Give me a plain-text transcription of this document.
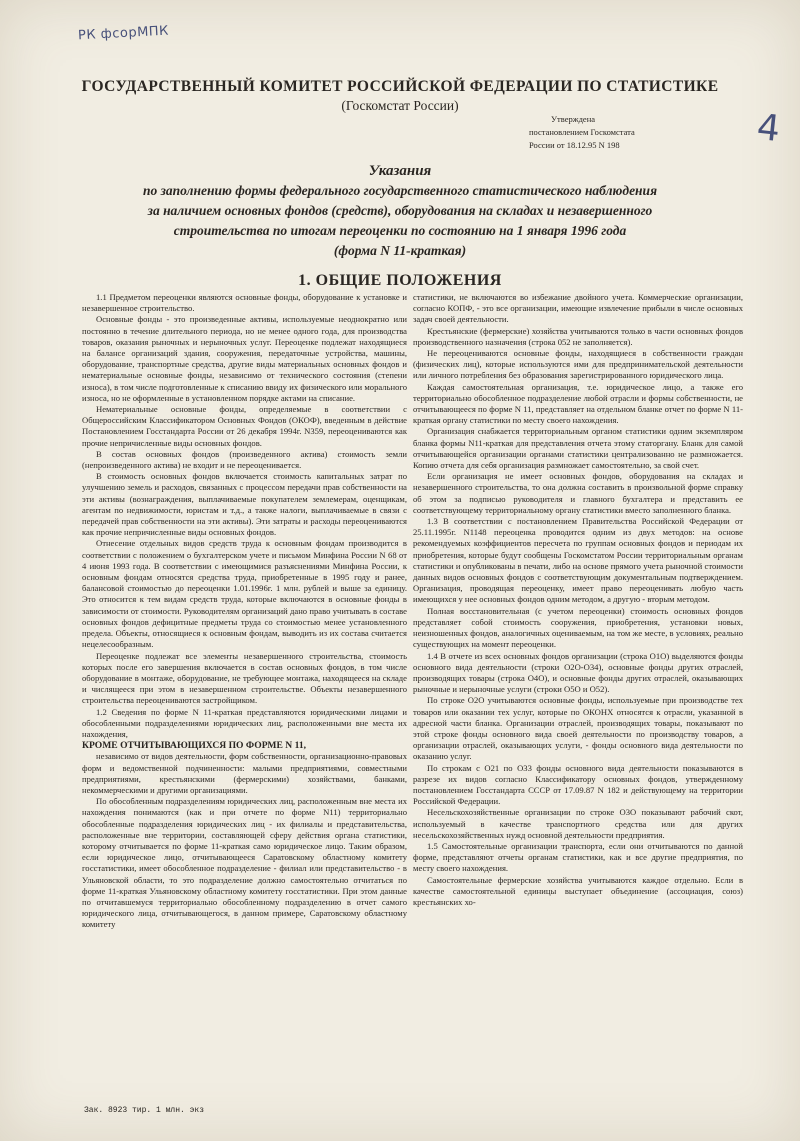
РК фсорМПК
4
ГОСУДАРСТВЕННЫЙ КОМИТЕТ РОССИЙСКОЙ ФЕДЕРАЦИИ ПО СТАТИСТИКЕ
(Госкомстат России)
Утверждена
постановлением Госкомстата
России от 18.12.95 N 198
Указания
по заполнению формы федерального государственного статистического наблюдения
за наличием основных фондов (средств), оборудования на складах и незавершенного
строительства по итогам переоценки по состоянию на 1 января 1996 года
(форма N 11-краткая)
1. ОБЩИЕ ПОЛОЖЕНИЯ

1.1 Предметом переоценки являются основные фонды, оборудование к установке и незавершенное строительство.

Основные фонды - это произведенные активы, используемые неоднократно или постоянно в течение длительного периода, но не менее одного года, для производства товаров, оказания рыночных и нерыночных услуг. Переоценке подлежат находящиеся на балансе организаций здания, сооружения, передаточные устройства, машины, оборудование, транспортные средства, другие виды материальных основных фондов и нематериальные основные фонды, независимо от технического состояния (степени износа), в том числе подготовленные к списанию ввиду их физического или морального износа, но не оформленные в установленном порядке актами на списание.

Нематериальные основные фонды, определяемые в соответствии с Общероссийским Классификатором Основных Фондов (ОКОФ), введенным в действие Постановлением Госстандарта России от 26 декабря 1994г. N359, переоцениваются как прочие непричисленные виды основных фондов.

В состав основных фондов (произведенного актива) стоимость земли (непроизведенного актива) не входит и не переоценивается.

В стоимость основных фондов включается стоимость капитальных затрат по улучшению земель и расходов, связанных с процессом передачи прав собственности на эти активы (вознаграждения, выплачиваемые покупателем землемерам, оценщикам, агентам по недвижимости, юристам и т.д., а также налоги, выплачиваемые в связи с передачей прав собственности на эти активы). Эти затраты и расходы переоцениваются как прочие непричисленные виды основных фондов.

Отнесение отдельных видов средств труда к основным фондам производится в соответствии с положением о бухгалтерском учете и письмом Минфина России N 68 от 4 июня 1993 года. В соответствии с имеющимися разъяснениями Минфина России, к основным фондам относятся средства труда, приобретенные в 1995 году и ранее, балансовой стоимостью до переоценки 1.01.1996г. 1 млн. рублей и выше за единицу. Это относится к тем видам средств труда, которые включаются в основные фонды в зависимости от стоимости. Руководителям организаций дано право учитывать в составе основных фондов дефицитные предметы труда со стоимостью менее установленного предела. Объекты, относящиеся к основным фондам, выводить из их состава считается нецелесообразным.

Переоценке подлежат все элементы незавершенного строительства, стоимость которых после его завершения включается в состав основных фондов, в том числе оборудование в монтаже, оборудование, не требующее монтажа, находящееся на складе и числящееся при этом в незавершенном строительстве. Объекты незавершенного строительства переоцениваются застройщиком.

1.2 Сведения по форме N 11-краткая представляются юридическими лицами и обособленными подразделениями юридических лиц, расположенными вне места их нахождения,

КРОМЕ ОТЧИТЫВАЮЩИХСЯ ПО ФОРМЕ N 11,

независимо от видов деятельности, форм собственности, организационно-правовых форм и ведомственной подчиненности: малыми предприятиями, совместными предприятиями, крестьянскими (фермерскими) хозяйствами, банками, некоммерческими и другими организациями.

По обособленным подразделениям юридических лиц, расположенным вне места их нахождения понимаются (как и при отчете по форме N11) территориально обособленные подразделения юридических лиц - их филиалы и представительства, расположенные вне территории, составляющей сферу действия органа статистики, которому отчитывается по форме 11-краткая само юридическое лицо. Таким образом, если юридическое лицо, отчитывающееся Саратовскому областному комитету госстатистики, имеет обособленное подразделение - филиал или представительство - в Ульяновской области, то это подразделение должно самостоятельно отчитаться по форме 11-краткая Ульяновскому областному комитету госстатистики. При этом данные по отчитавшемуся территориально обособленному подразделению в отчет самого юридического лица, отчитывающегося, в данном примере, Саратовскому областному комитету

статистики, не включаются во избежание двойного учета. Коммерческие организации, согласно КОПФ, - это все организации, имеющие извлечение прибыли в числе основных задач своей деятельности.

Крестьянские (фермерские) хозяйства учитываются только в части основных фондов производственного назначения (строка 052 не заполняется).

Не переоцениваются основные фонды, находящиеся в собственности граждан (физических лиц), которые используются ими для предпринимательской деятельности или личного потребления без образования зарегистрированного юридического лица.

Каждая самостоятельная организация, т.е. юридическое лицо, а также его территориально обособленное подразделение любой отрасли и формы собственности, не отчитывающееся по форме N 11, представляет на отдельном бланке отчет по форме N 11-краткая органу статистики по месту своего нахождения.

Организация снабжается территориальным органом статистики одним экземпляром бланка формы N11-краткая для представления отчета этому статоргану. Бланк для самой отчитывающейся организации органами статистики централизованно не размножается. Копию отчета для себя организация размножает самостоятельно, за свой счет.

Если организация не имеет основных фондов, оборудования на складах и незавершенного строительства, то она должна составить в произвольной форме справку об этом за подписью руководителя и главного бухгалтера и представить ее соответствующему территориальному органу статистики вместо заполненного бланка.

1.3 В соответствии с постановлением Правительства Российской Федерации от 25.11.1995г. N1148 переоценка проводится одним из двух методов: на основе рекомендуемых коэффициентов пересчета по группам основных фондов и периодам их приобретения, которые будут сообщены Госкомстатом России территориальным органам статистики и опубликованы в печати, либо на основе прямого учета рыночной стоимости данных видов основных фондов с соответствующим документальным подтверждением. Организация, проводящая переоценку, имеет право переоценивать любую часть имеющихся у нее основных фондов одним методом, а другую - вторым методом.

Полная восстановительная (с учетом переоценки) стоимость основных фондов представляет собой стоимость сооружения, приобретения, установки новых, неизношенных фондов, аналогичных оцениваемым, на том же месте, в условиях, реально существующих на момент переоценки.

1.4 В отчете из всех основных фондов организации (строка О1О) выделяются фонды основного вида деятельности (строки О2О-О34), основные фонды других отраслей, производящих товары (строка О4О), и основные фонды других отраслей, оказывающих рыночные и нерыночные услуги (строки О5О и О52).

По строке О2О учитываются основные фонды, используемые при производстве тех товаров или оказании тех услуг, которые по ОКОНХ относятся к отрасли, указанной в адресной части бланка. Организации отраслей, производящих товары, показывают по этой строке фонды основного вида своей деятельности по производству товаров, а организации отраслей, оказывающих услуги, - фонды основного вида деятельности по оказанию услуг.

По строкам с О21 по О33 фонды основного вида деятельности показываются в разрезе их видов согласно Классификатору основных фондов, утвержденному постановлением Госстандарта СССР от 17.09.87 N 182 и действующему на территории Российской Федерации.

Несельскохозяйственные организации по строке О3О показывают рабочий скот, используемый в качестве транспортного средства или для других несельскохозяйственных нужд основной деятельности предприятия.

1.5 Самостоятельные организации транспорта, если они отчитываются по данной форме, представляют отчеты органам статистики, как и все другие предприятия, по месту своего нахождения.

Самостоятельные фермерские хозяйства учитываются каждое отдельно. Если в качестве самостоятельной единицы выступает объединение (ассоциация, союз) крестьянских хо-

Зак. 8923 тир. 1 млн. экз
